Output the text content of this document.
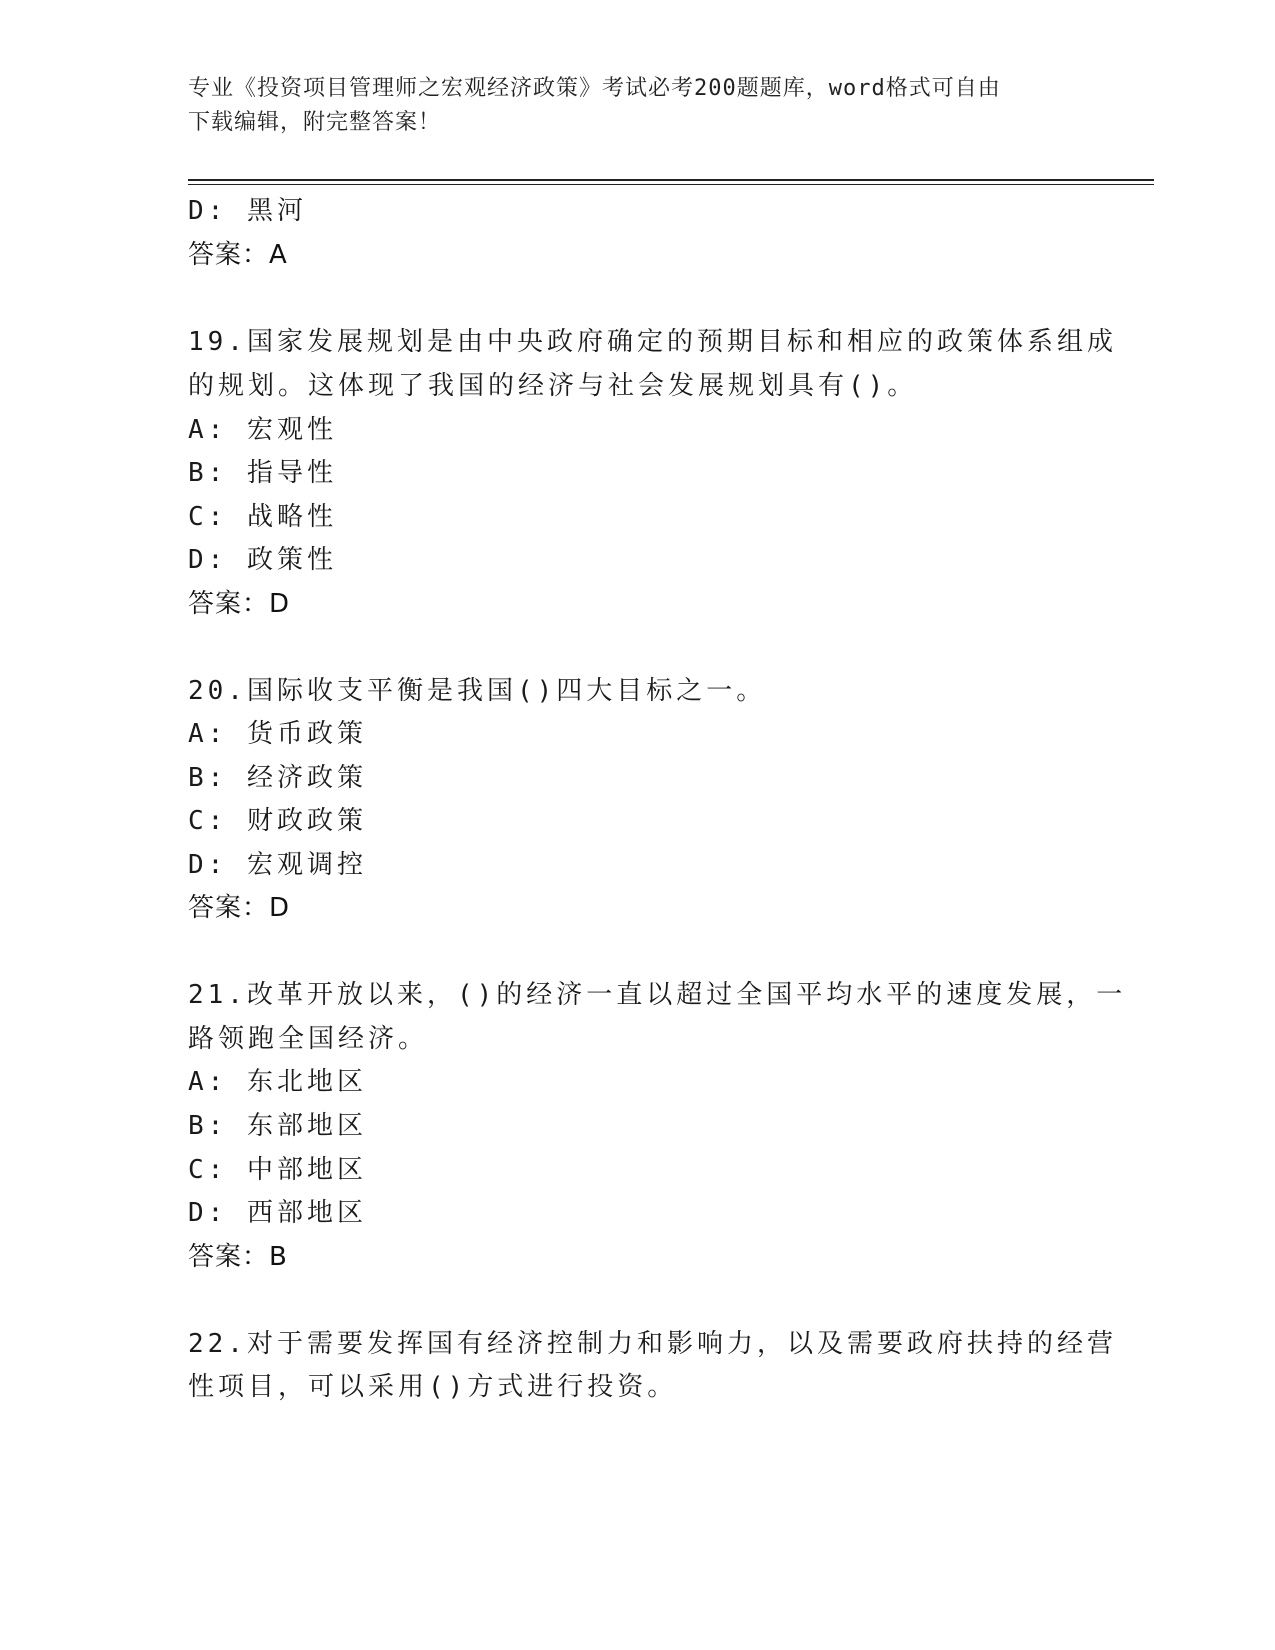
专业《投资项目管理师之宏观经济政策》考试必考200题题库，word格式可自由
下载编辑，附完整答案！
D: 黑河
答案：A
19.国家发展规划是由中央政府确定的预期目标和相应的政策体系组成
的规划。这体现了我国的经济与社会发展规划具有()。
A: 宏观性
B: 指导性
C: 战略性
D: 政策性
答案：D
20.国际收支平衡是我国()四大目标之一。
A: 货币政策
B: 经济政策
C: 财政政策
D: 宏观调控
答案：D
21.改革开放以来，()的经济一直以超过全国平均水平的速度发展，一
路领跑全国经济。
A: 东北地区
B: 东部地区
C: 中部地区
D: 西部地区
答案：B
22.对于需要发挥国有经济控制力和影响力，以及需要政府扶持的经营
性项目，可以采用()方式进行投资。
